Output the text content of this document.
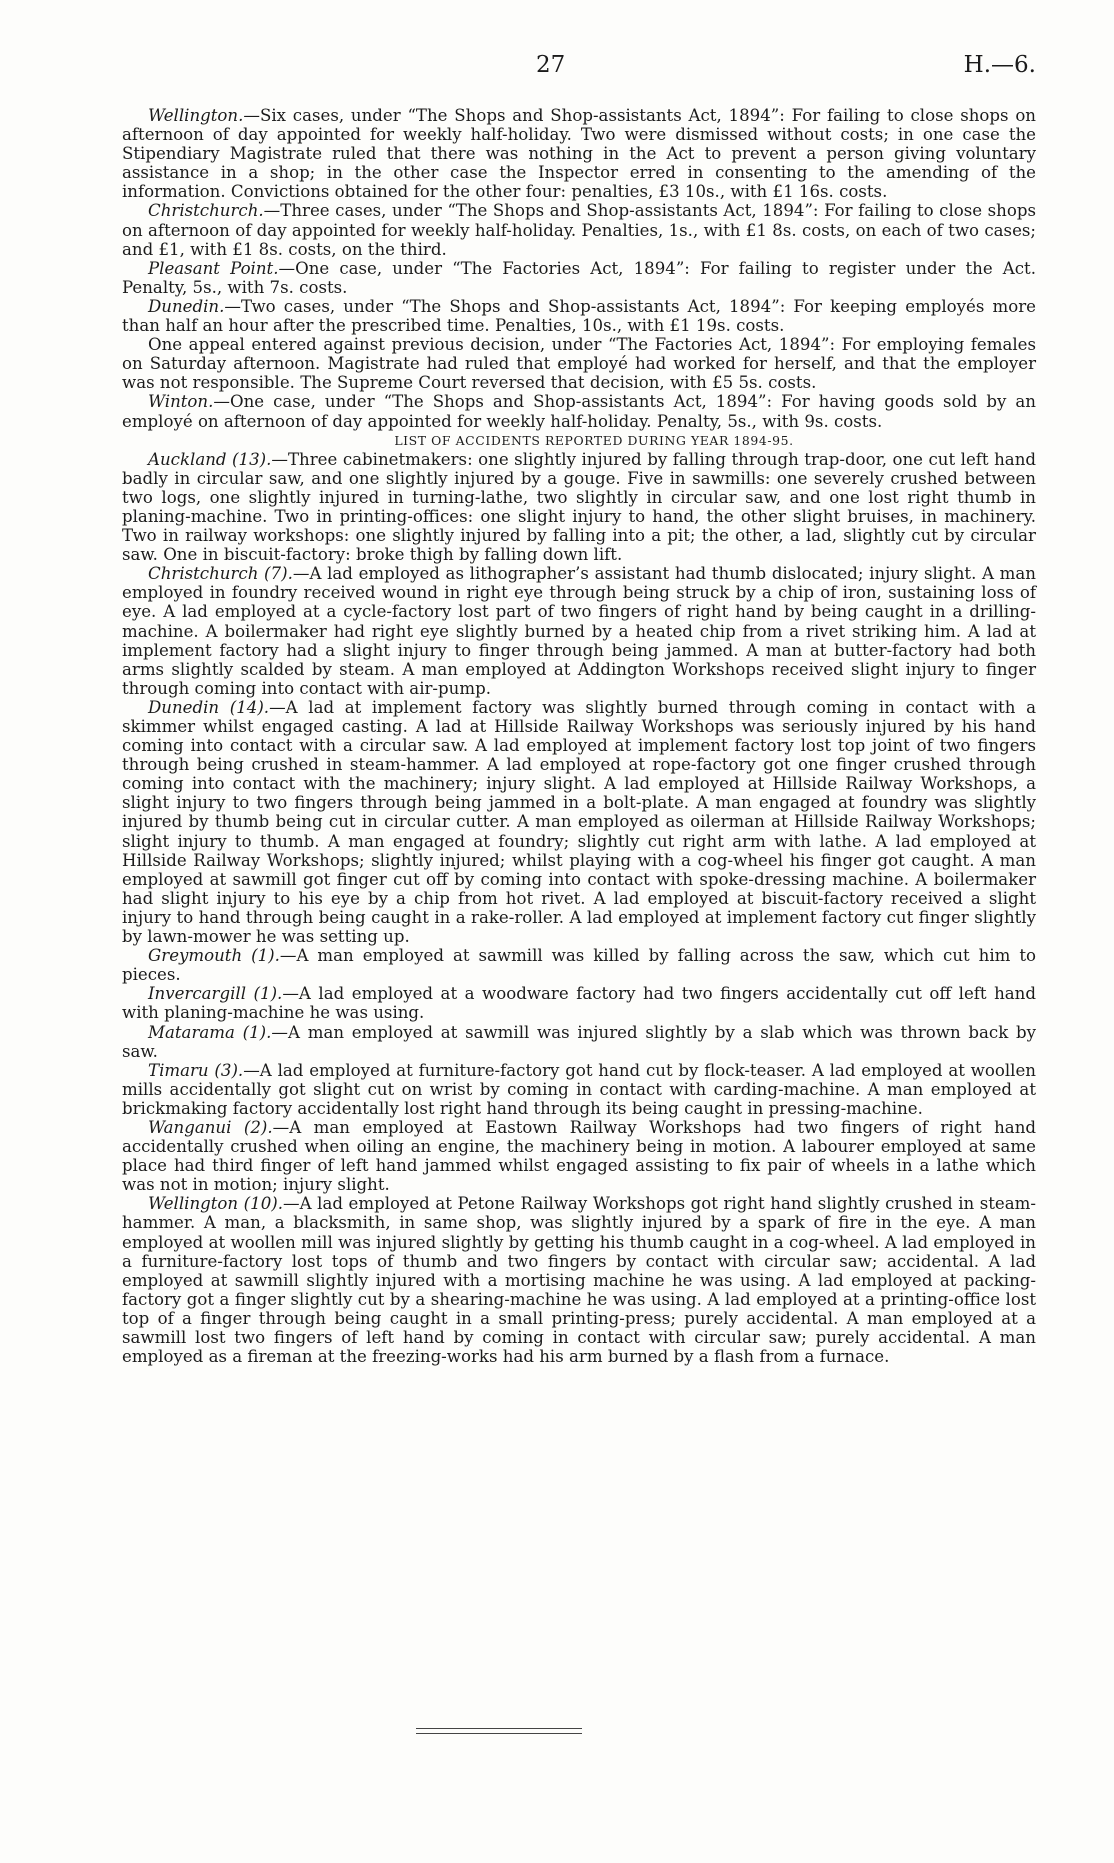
27	H.—6.

Wellington.—Six cases, under “The Shops and Shop-assistants Act, 1894”: For failing to close shops on afternoon of day appointed for weekly half-holiday. Two were dismissed without costs; in one case the Stipendiary Magistrate ruled that there was nothing in the Act to prevent a person giving voluntary assistance in a shop; in the other case the Inspector erred in consenting to the amending of the information. Convictions obtained for the other four: penalties, £3 10s., with £1 16s. costs.

Christchurch.—Three cases, under “The Shops and Shop-assistants Act, 1894”: For failing to close shops on afternoon of day appointed for weekly half-holiday. Penalties, 1s., with £1 8s. costs, on each of two cases; and £1, with £1 8s. costs, on the third.

Pleasant Point.—One case, under “The Factories Act, 1894”: For failing to register under the Act. Penalty, 5s., with 7s. costs.

Dunedin.—Two cases, under “The Shops and Shop-assistants Act, 1894”: For keeping employés more than half an hour after the prescribed time. Penalties, 10s., with £1 19s. costs.

One appeal entered against previous decision, under “The Factories Act, 1894”: For employing females on Saturday afternoon. Magistrate had ruled that employé had worked for herself, and that the employer was not responsible. The Supreme Court reversed that decision, with £5 5s. costs.

Winton.—One case, under “The Shops and Shop-assistants Act, 1894”: For having goods sold by an employé on afternoon of day appointed for weekly half-holiday. Penalty, 5s., with 9s. costs.

LIST OF ACCIDENTS REPORTED DURING YEAR 1894-95.

Auckland (13).—Three cabinetmakers: one slightly injured by falling through trap-door, one cut left hand badly in circular saw, and one slightly injured by a gouge. Five in sawmills: one severely crushed between two logs, one slightly injured in turning-lathe, two slightly in circular saw, and one lost right thumb in planing-machine. Two in printing-offices: one slight injury to hand, the other slight bruises, in machinery. Two in railway workshops: one slightly injured by falling into a pit; the other, a lad, slightly cut by circular saw. One in biscuit-factory: broke thigh by falling down lift.

Christchurch (7).—A lad employed as lithographer’s assistant had thumb dislocated; injury slight. A man employed in foundry received wound in right eye through being struck by a chip of iron, sustaining loss of eye. A lad employed at a cycle-factory lost part of two fingers of right hand by being caught in a drilling-machine. A boilermaker had right eye slightly burned by a heated chip from a rivet striking him. A lad at implement factory had a slight injury to finger through being jammed. A man at butter-factory had both arms slightly scalded by steam. A man employed at Addington Workshops received slight injury to finger through coming into contact with air-pump.

Dunedin (14).—A lad at implement factory was slightly burned through coming in contact with a skimmer whilst engaged casting. A lad at Hillside Railway Workshops was seriously injured by his hand coming into contact with a circular saw. A lad employed at implement factory lost top joint of two fingers through being crushed in steam-hammer. A lad employed at rope-factory got one finger crushed through coming into contact with the machinery; injury slight. A lad employed at Hillside Railway Workshops, a slight injury to two fingers through being jammed in a bolt-plate. A man engaged at foundry was slightly injured by thumb being cut in circular cutter. A man employed as oilerman at Hillside Railway Workshops; slight injury to thumb. A man engaged at foundry; slightly cut right arm with lathe. A lad employed at Hillside Railway Workshops; slightly injured; whilst playing with a cog-wheel his finger got caught. A man employed at sawmill got finger cut off by coming into contact with spoke-dressing machine. A boilermaker had slight injury to his eye by a chip from hot rivet. A lad employed at biscuit-factory received a slight injury to hand through being caught in a rake-roller. A lad employed at implement factory cut finger slightly by lawn-mower he was setting up.

Greymouth (1).—A man employed at sawmill was killed by falling across the saw, which cut him to pieces.

Invercargill (1).—A lad employed at a woodware factory had two fingers accidentally cut off left hand with planing-machine he was using.

Matarama (1).—A man employed at sawmill was injured slightly by a slab which was thrown back by saw.

Timaru (3).—A lad employed at furniture-factory got hand cut by flock-teaser. A lad employed at woollen mills accidentally got slight cut on wrist by coming in contact with carding-machine. A man employed at brickmaking factory accidentally lost right hand through its being caught in pressing-machine.

Wanganui (2).—A man employed at Eastown Railway Workshops had two fingers of right hand accidentally crushed when oiling an engine, the machinery being in motion. A labourer employed at same place had third finger of left hand jammed whilst engaged assisting to fix pair of wheels in a lathe which was not in motion; injury slight.

Wellington (10).—A lad employed at Petone Railway Workshops got right hand slightly crushed in steam-hammer. A man, a blacksmith, in same shop, was slightly injured by a spark of fire in the eye. A man employed at woollen mill was injured slightly by getting his thumb caught in a cog-wheel. A lad employed in a furniture-factory lost tops of thumb and two fingers by contact with circular saw; accidental. A lad employed at sawmill slightly injured with a mortising machine he was using. A lad employed at packing-factory got a finger slightly cut by a shearing-machine he was using. A lad employed at a printing-office lost top of a finger through being caught in a small printing-press; purely accidental. A man employed at a sawmill lost two fingers of left hand by coming in contact with circular saw; purely accidental. A man employed as a fireman at the freezing-works had his arm burned by a flash from a furnace.
